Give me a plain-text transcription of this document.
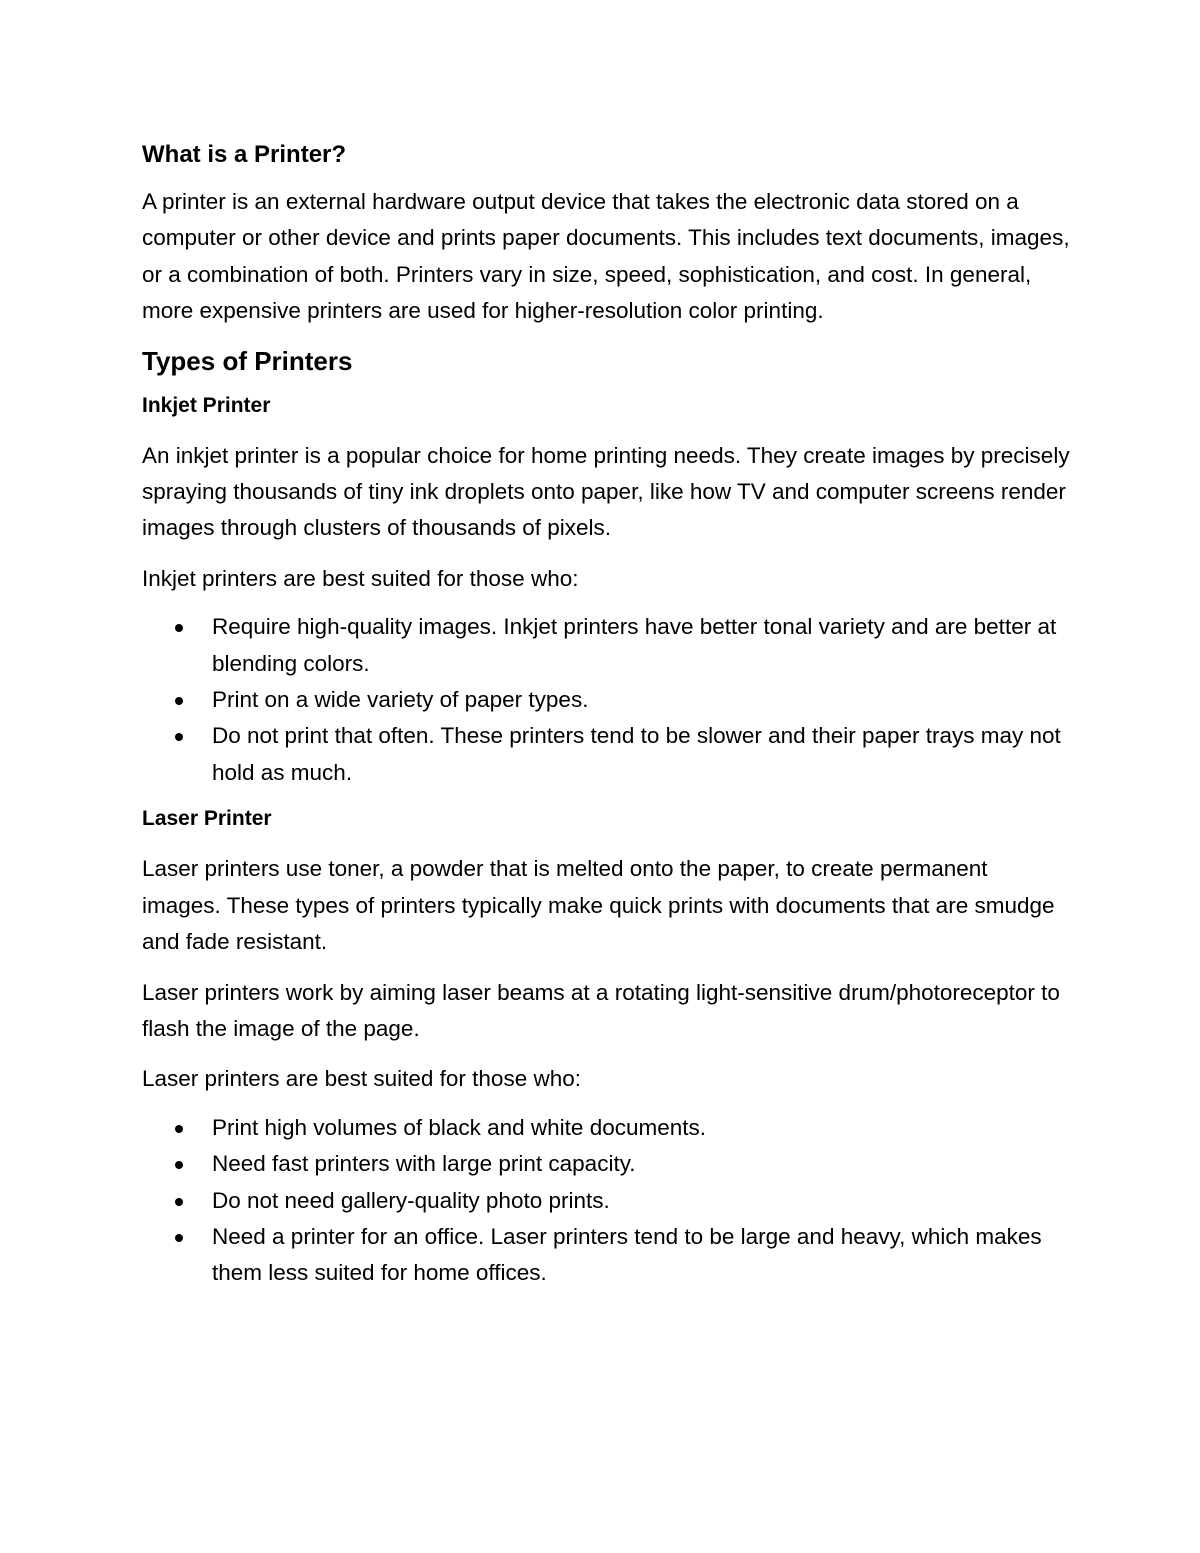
What is a Printer?
A printer is an external hardware output device that takes the electronic data stored on a computer or other device and prints paper documents. This includes text documents, images, or a combination of both. Printers vary in size, speed, sophistication, and cost. In general, more expensive printers are used for higher-resolution color printing.
Types of Printers
Inkjet Printer
An inkjet printer is a popular choice for home printing needs. They create images by precisely spraying thousands of tiny ink droplets onto paper, like how TV and computer screens render images through clusters of thousands of pixels.
Inkjet printers are best suited for those who:
Require high-quality images. Inkjet printers have better tonal variety and are better at blending colors.
Print on a wide variety of paper types.
Do not print that often. These printers tend to be slower and their paper trays may not hold as much.
Laser Printer
Laser printers use toner, a powder that is melted onto the paper, to create permanent images. These types of printers typically make quick prints with documents that are smudge and fade resistant.
Laser printers work by aiming laser beams at a rotating light-sensitive drum/photoreceptor to flash the image of the page.
Laser printers are best suited for those who:
Print high volumes of black and white documents.
Need fast printers with large print capacity.
Do not need gallery-quality photo prints.
Need a printer for an office. Laser printers tend to be large and heavy, which makes them less suited for home offices.
